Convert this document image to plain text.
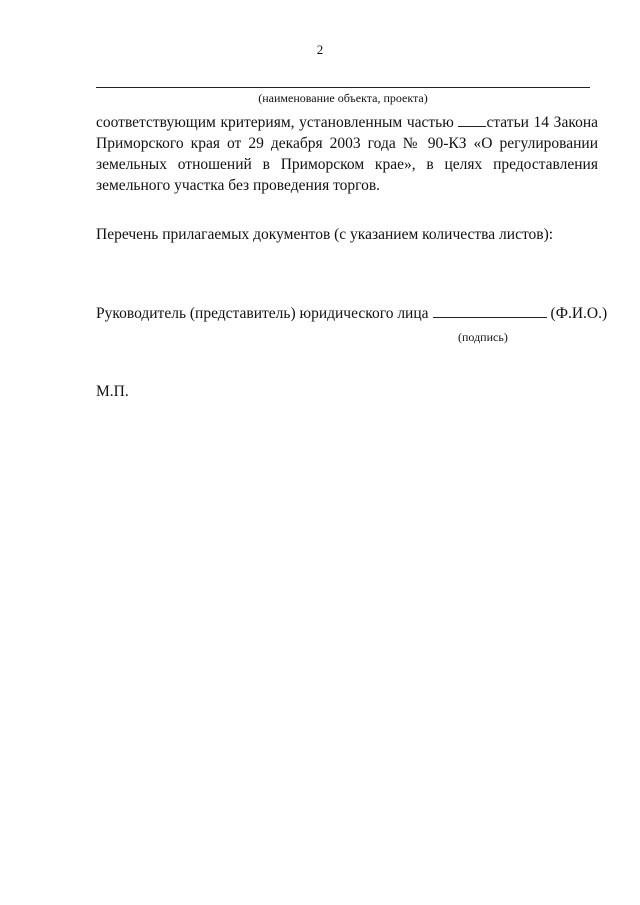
2
(наименование объекта, проекта)
соответствующим критериям, установленным частью статьи 14 Закона Приморского края от 29 декабря 2003 года № 90-КЗ «О регулировании земельных отношений в Приморском крае», в целях предоставления земельного участка без проведения торгов.
Перечень прилагаемых документов (с указанием количества листов):
Руководитель (представитель) юридического лица	(Ф.И.О.)
(подпись)
М.П.
